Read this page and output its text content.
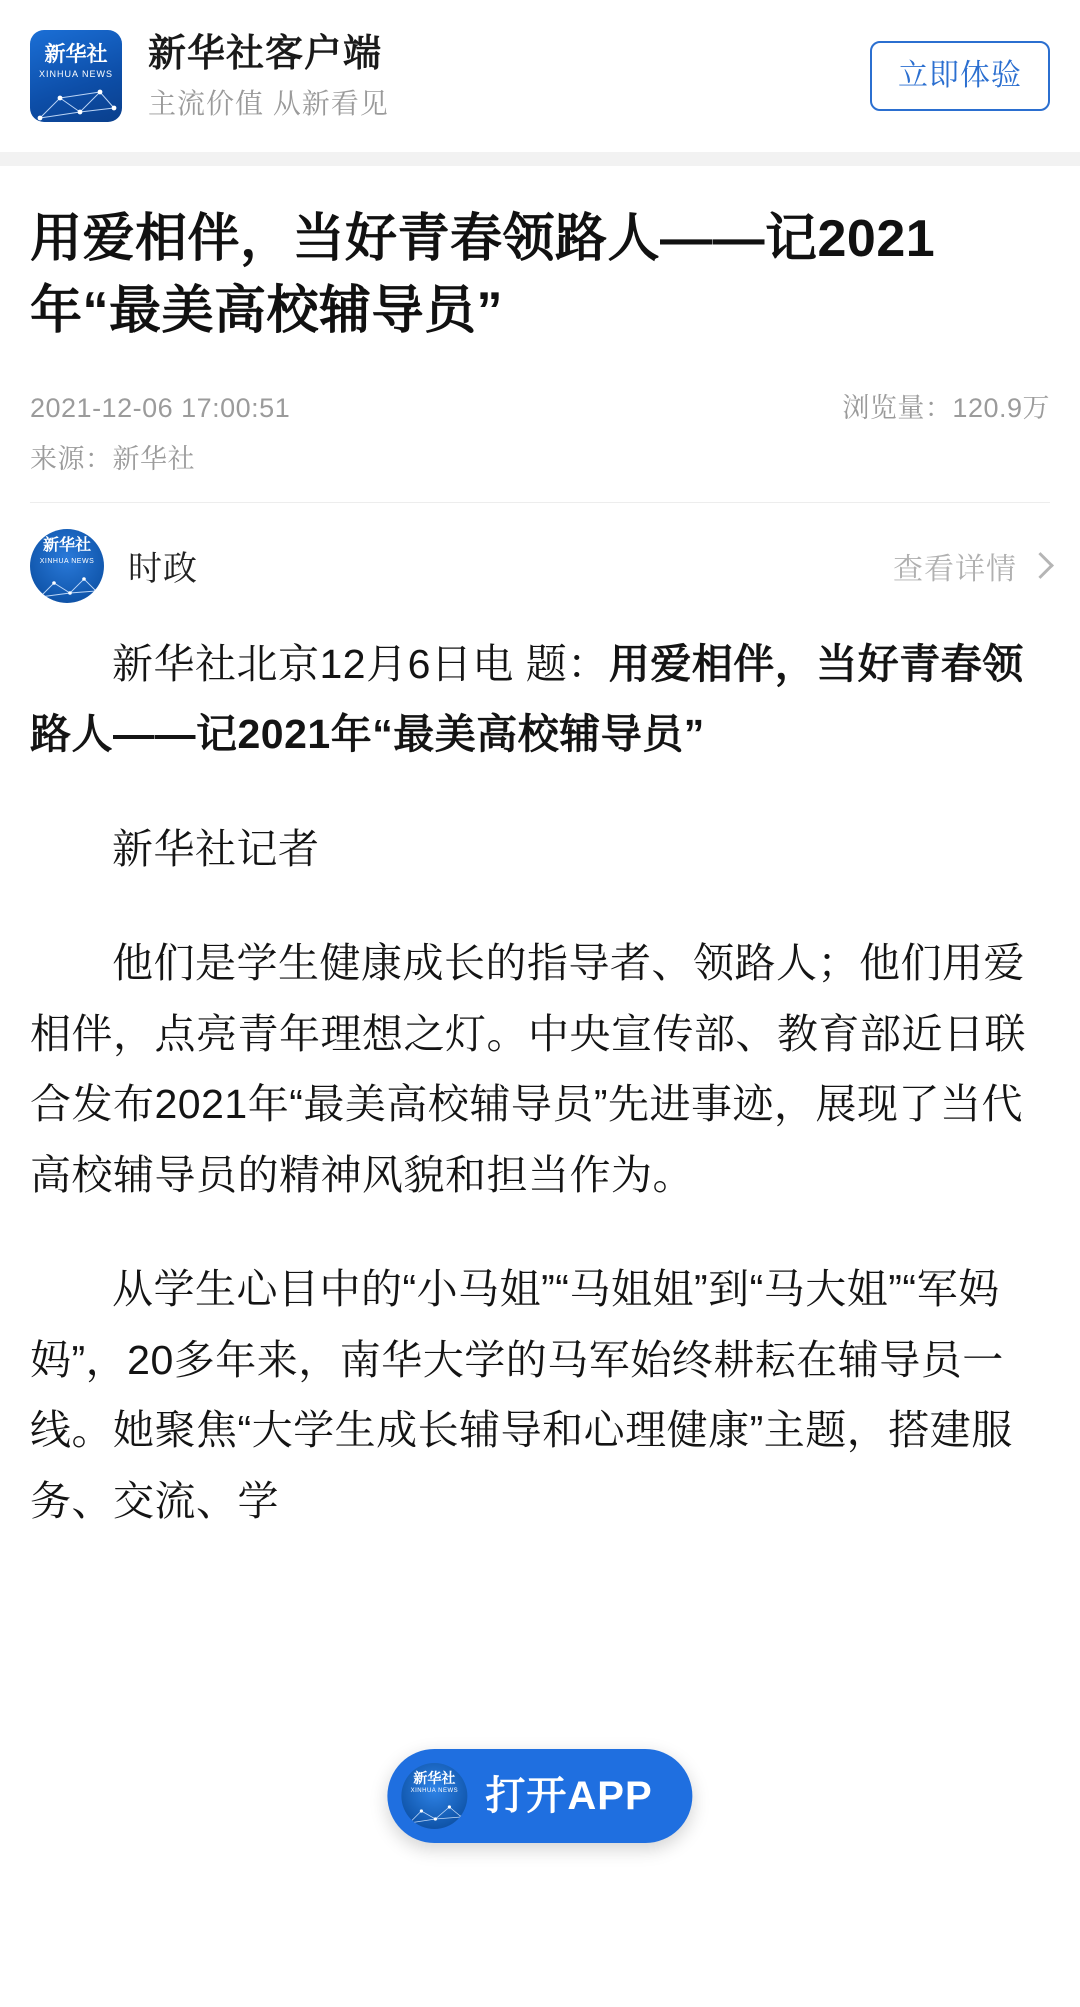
新华社
XINHUA NEWS 新华社客户端
主流价值 从新看见
立即体验
用爱相伴，当好青春领路人——记2021年“最美高校辅导员”
2021-12-06 17:00:51	浏览量：120.9万
来源：新华社
新华社
XINHUA NEWS 时政	查看详情

新华社北京12月6日电 题：用爱相伴，当好青春领路人——记2021年“最美高校辅导员”

新华社记者

他们是学生健康成长的指导者、领路人；他们用爱相伴，点亮青年理想之灯。中央宣传部、教育部近日联合发布2021年“最美高校辅导员”先进事迹，展现了当代高校辅导员的精神风貌和担当作为。

从学生心目中的“小马姐”“马姐姐”到“马大姐”“军妈妈”，20多年来，南华大学的马军始终耕耘在辅导员一线。她聚焦“大学生成长辅导和心理健康”主题，搭建服务、交流、学

新华社
XINHUA NEWS 打开APP
